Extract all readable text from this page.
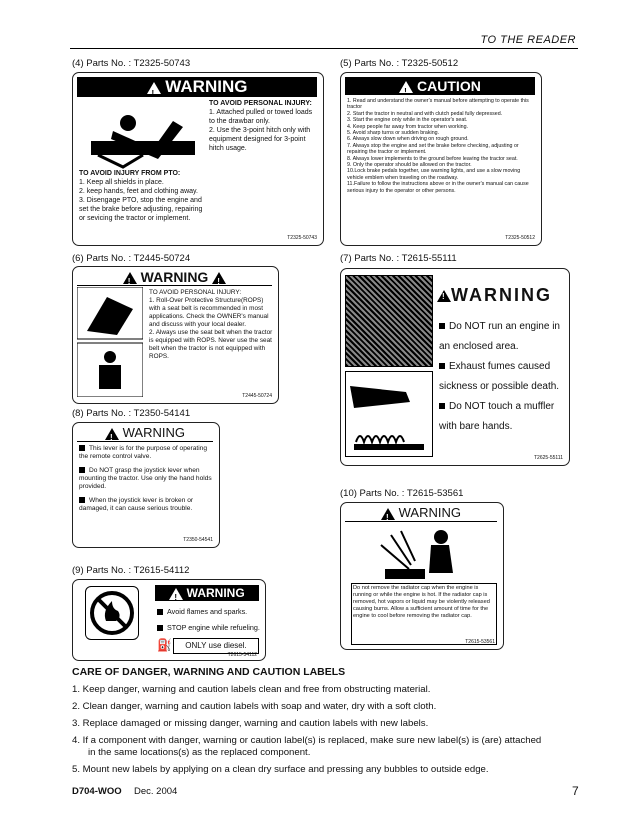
TO THE READER
(4) Parts No. : T2325-50743
! WARNING
TO AVOID PERSONAL INJURY:
1. Attached pulled or towed loads to the drawbar only.
2. Use the 3-point hitch only with equipment designed for 3-point hitch usage.
TO AVOID INJURY FROM PTO:
1. Keep all shields in place.
2. keep hands, feet and clothing away.
3. Disengage PTO, stop the engine and set the brake before adjusting, repairing or sevicing the tractor or implement.
T2325-50743
(5) Parts No. : T2325-50512
! CAUTION
1. Read and understand the owner's manual before attempting to operate this tractor
2. Start the tractor in neutral and with clutch pedal fully depressed.
3. Start the engine only while in the operator's seat.
4. Keep people far away from tractor when working.
5. Avoid sharp turns or sudden braking.
6. Always slow down when driving on rough ground.
7. Always stop the engine and set the brake before checking, adjusting or repairing the tractor or implement.
8. Always lower implements to the ground before leaving the tractor seat.
9. Only the operator should be allowed on the tractor.
10.Lock brake pedals together, use warning lights, and use a slow moving vehicle emblem when traveling on the roadway.
11.Failure to follow the instructions above or in the owner's manual can cause serious injury to the operator or other persons.
T2325-50512
(6) Parts No. : T2445-50724
! WARNING !
TO AVOID PERSONAL INJURY:
1. Roll-Over Protective Structure(ROPS) with a seat belt is recommended in most applications. Check the OWNER's manual and discuss with your local dealer.
2. Always use the seat belt when the tractor is equipped with ROPS. Never use the seat belt when the tractor is not equipped with ROPS.
T2445-50724
(7) Parts No. : T2615-55111
!WARNING
Do NOT run an engine in an enclosed area.
Exhaust fumes caused sickness or possible death.
Do NOT touch a muffler with bare hands.
T2625-55111
(8) Parts No. : T2350-54141
! WARNING
This lever is for the purpose of operating the remote control valve.
Do NOT grasp the joystick lever when mounting the tractor. Use only the hand holds provided.
When the joystick lever is broken or damaged, it can cause serious trouble.
T2350-54541
(10) Parts No. : T2615-53561
! WARNING
Do not remove the radiator cap when the engine is running or while the engine is hot. If the radiator cap is removed, hot vapors or liquid may be violently released causing burns. Allow a sufficient amount of time for the engine to cool before removing the radiator cap.
T2615-53561
(9) Parts No. : T2615-54112
! WARNING
Avoid flames and sparks.
STOP engine while refueling.
⛽	ONLY use diesel.
T2615-54112
CARE OF DANGER, WARNING AND CAUTION LABELS
1. Keep danger, warning and caution labels clean and free from obstructing material.
2. Clean danger, warning and caution labels with soap and water, dry with a soft cloth.
3. Replace damaged or missing danger, warning and caution labels with new labels.
4. If a component with danger, warning or caution label(s) is replaced, make sure new label(s) is (are) attached
in the same locations(s) as the replaced component.
5. Mount new labels by applying on a clean dry surface and pressing any bubbles to outside edge.
D704-WOO Dec. 2004	7
